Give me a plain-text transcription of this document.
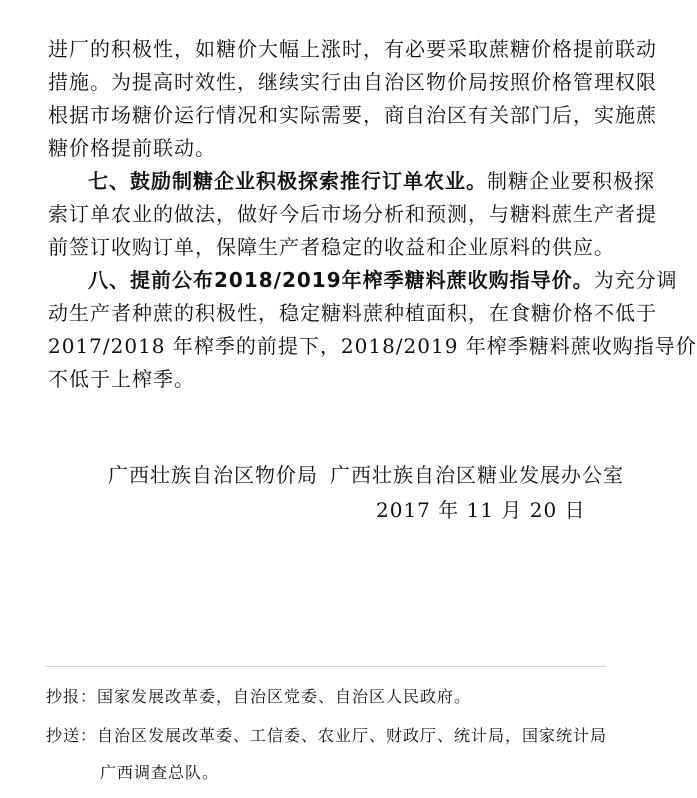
进厂的积极性，如糖价大幅上涨时，有必要采取蔗糖价格提前联动
措施。为提高时效性，继续实行由自治区物价局按照价格管理权限
根据市场糖价运行情况和实际需要，商自治区有关部门后，实施蔗
糖价格提前联动。
七、鼓励制糖企业积极探索推行订单农业。制糖企业要积极探
索订单农业的做法，做好今后市场分析和预测，与糖料蔗生产者提
前签订收购订单，保障生产者稳定的收益和企业原料的供应。
八、提前公布2018/2019年榨季糖料蔗收购指导价。为充分调
动生产者种蔗的积极性，稳定糖料蔗种植面积，在食糖价格不低于
2017/2018 年榨季的前提下，2018/2019 年榨季糖料蔗收购指导价
不低于上榨季。
广西壮族自治区物价局 广西壮族自治区糖业发展办公室
2017 年 11 月 20 日
抄报：国家发展改革委，自治区党委、自治区人民政府。
抄送：自治区发展改革委、工信委、农业厅、财政厅、统计局，国家统计局
广西调查总队。
